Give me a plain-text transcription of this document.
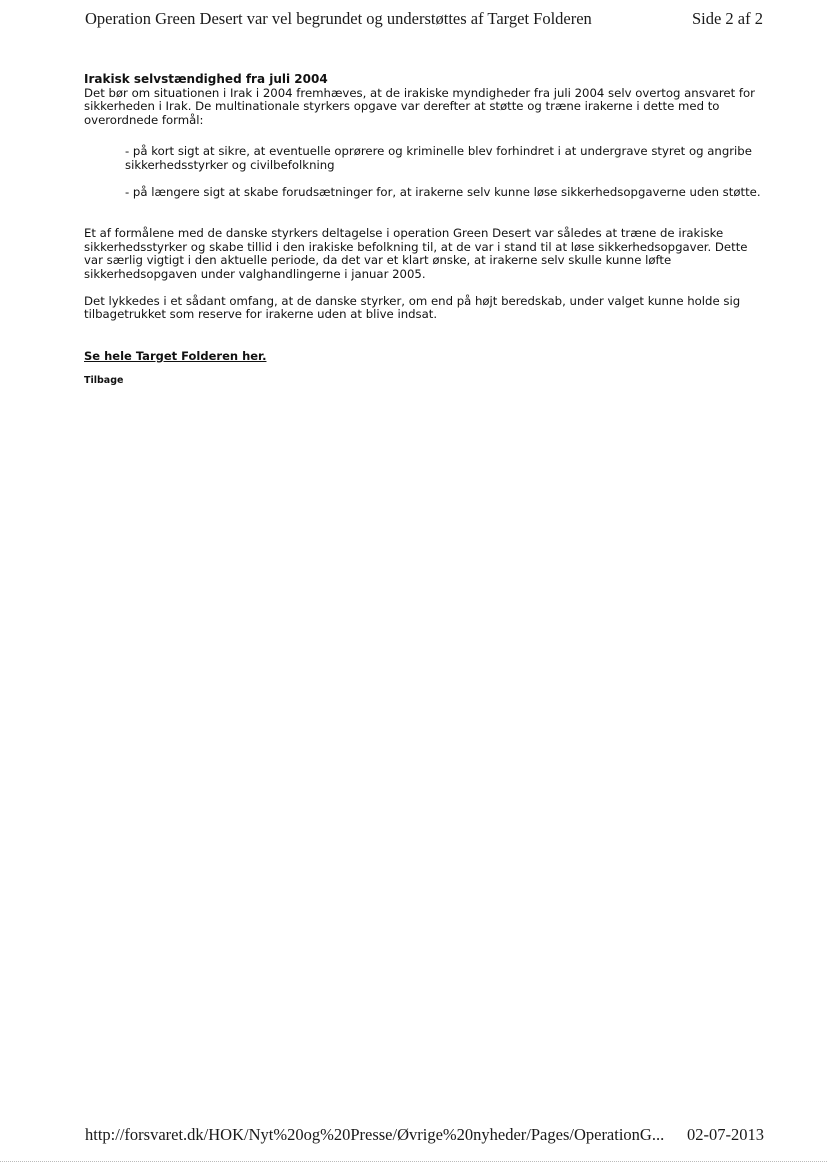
Operation Green Desert var vel begrundet og understøttes af Target Folderen	Side 2 af 2

Irakisk selvstændighed fra juli 2004

Det bør om situationen i Irak i 2004 fremhæves, at de irakiske myndigheder fra juli 2004 selv overtog ansvaret for sikkerheden i Irak. De multinationale styrkers opgave var derefter at støtte og træne irakerne i dette med to overordnede formål:

- på kort sigt at sikre, at eventuelle oprørere og kriminelle blev forhindret i at undergrave styret og angribe sikkerhedsstyrker og civilbefolkning

- på længere sigt at skabe forudsætninger for, at irakerne selv kunne løse sikkerhedsopgaverne uden støtte.

Et af formålene med de danske styrkers deltagelse i operation Green Desert var således at træne de irakiske sikkerhedsstyrker og skabe tillid i den irakiske befolkning til, at de var i stand til at løse sikkerhedsopgaver. Dette var særlig vigtigt i den aktuelle periode, da det var et klart ønske, at irakerne selv skulle kunne løfte sikkerhedsopgaven under valghandlingerne i januar 2005.

Det lykkedes i et sådant omfang, at de danske styrker, om end på højt beredskab, under valget kunne holde sig tilbagetrukket som reserve for irakerne uden at blive indsat.

Se hele Target Folderen her.
Tilbage
http://forsvaret.dk/HOK/Nyt%20og%20Presse/Øvrige%20nyheder/Pages/OperationG... 02-07-2013
